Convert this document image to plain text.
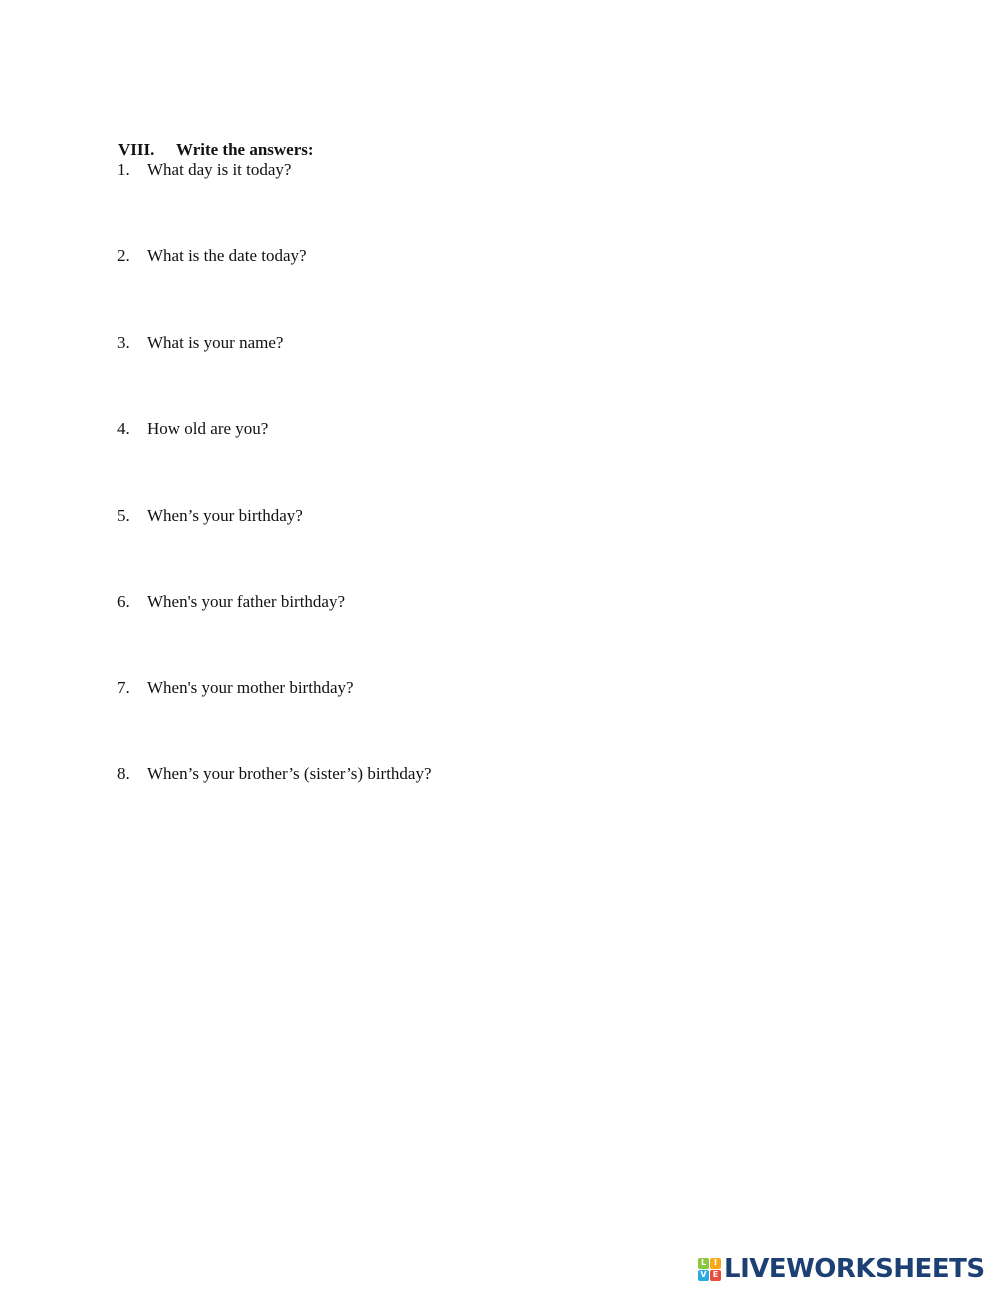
VIII. Write the answers:
1. What day is it today?
2. What is the date today?
3. What is your name?
4. How old are you?
5. When’s your birthday?
6. When's your father birthday?
7. When's your mother birthday?
8. When’s your brother’s (sister’s) birthday?
L I
V E LIVEWORKSHEETS
